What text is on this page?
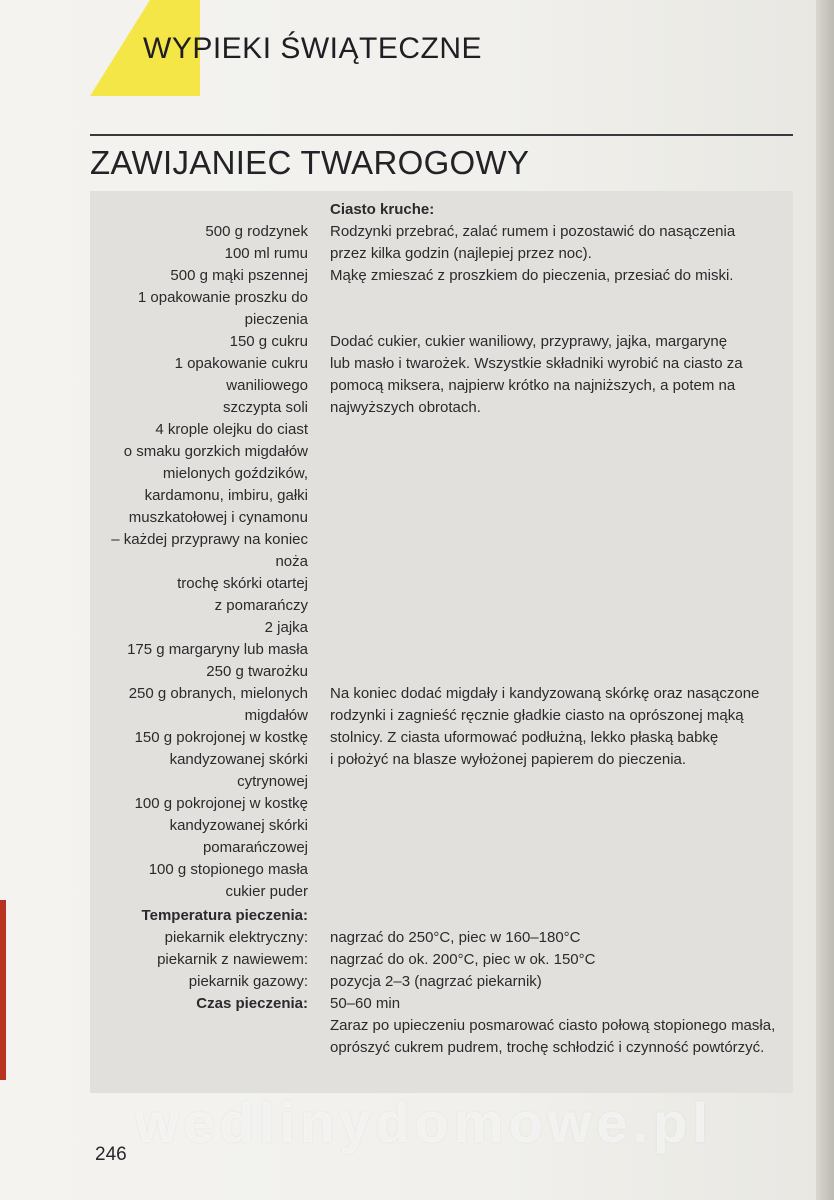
WYPIEKI ŚWIĄTECZNE
ZAWIJANIEC TWAROGOWY
500 g rodzynek
100 ml rumu
500 g mąki pszennej
1 opakowanie proszku do
pieczenia
150 g cukru
1 opakowanie cukru
waniliowego
szczypta soli
4 krople olejku do ciast
o smaku gorzkich migdałów
mielonych goździków,
kardamonu, imbiru, gałki
muszkatołowej i cynamonu
– każdej przyprawy na koniec
noża
trochę skórki otartej
z pomarańczy
2 jajka
175 g margaryny lub masła
250 g twarożku
250 g obranych, mielonych
migdałów
150 g pokrojonej w kostkę
kandyzowanej skórki
cytrynowej
100 g pokrojonej w kostkę
kandyzowanej skórki
pomarańczowej
100 g stopionego masła
cukier puder
Temperatura pieczenia:
piekarnik elektryczny:
piekarnik z nawiewem:
piekarnik gazowy:
Czas pieczenia:
Ciasto kruche:
Rodzynki przebrać, zalać rumem i pozostawić do nasączenia
przez kilka godzin (najlepiej przez noc).
Mąkę zmieszać z proszkiem do pieczenia, przesiać do miski.
Dodać cukier, cukier waniliowy, przyprawy, jajka, margarynę
lub masło i twarożek. Wszystkie składniki wyrobić na ciasto za
pomocą miksera, najpierw krótko na najniższych, a potem na
najwyższych obrotach.
Na koniec dodać migdały i kandyzowaną skórkę oraz nasączone
rodzynki i zagnieść ręcznie gładkie ciasto na oprószonej mąką
stolnicy. Z ciasta uformować podłużną, lekko płaską babkę
i położyć na blasze wyłożonej papierem do pieczenia.
nagrzać do 250°C, piec w 160–180°C
nagrzać do ok. 200°C, piec w ok. 150°C
pozycja 2–3 (nagrzać piekarnik)
50–60 min
Zaraz po upieczeniu posmarować ciasto połową stopionego masła,
oprószyć cukrem pudrem, trochę schłodzić i czynność powtórzyć.
wedlinydomowe.pl
246
